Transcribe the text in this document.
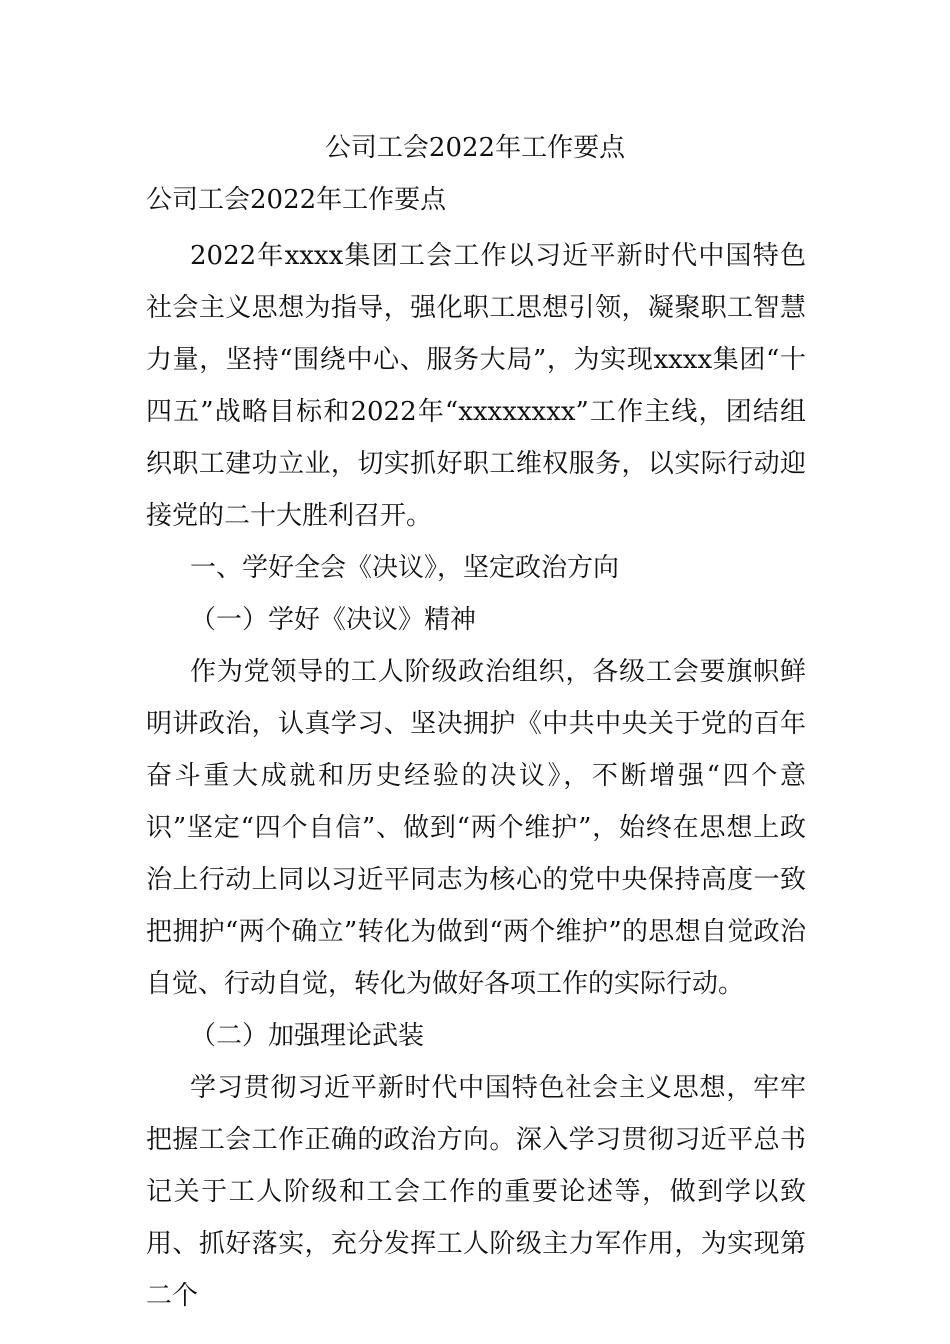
公司工会2022年工作要点
公司工会2022年工作要点

2022年xxxx集团工会工作以习近平新时代中国特色社会主义思想为指导，强化职工思想引领，凝聚职工智慧力量，坚持“围绕中心、服务大局”，为实现xxxx集团“十四五”战略目标和2022年“xxxxxxxx”工作主线，团结组织职工建功立业，切实抓好职工维权服务，以实际行动迎接党的二十大胜利召开。

一、学好全会《决议》，坚定政治方向

（一）学好《决议》精神

作为党领导的工人阶级政治组织，各级工会要旗帜鲜明讲政治，认真学习、坚决拥护《中共中央关于党的百年奋斗重大成就和历史经验的决议》，不断增强“四个意识”坚定“四个自信”、做到“两个维护”，始终在思想上政治上行动上同以习近平同志为核心的党中央保持高度一致把拥护“两个确立”转化为做到“两个维护”的思想自觉政治自觉、行动自觉，转化为做好各项工作的实际行动。

（二）加强理论武装

学习贯彻习近平新时代中国特色社会主义思想，牢牢把握工会工作正确的政治方向。深入学习贯彻习近平总书记关于工人阶级和工会工作的重要论述等，做到学以致用、抓好落实，充分发挥工人阶级主力军作用，为实现第二个
